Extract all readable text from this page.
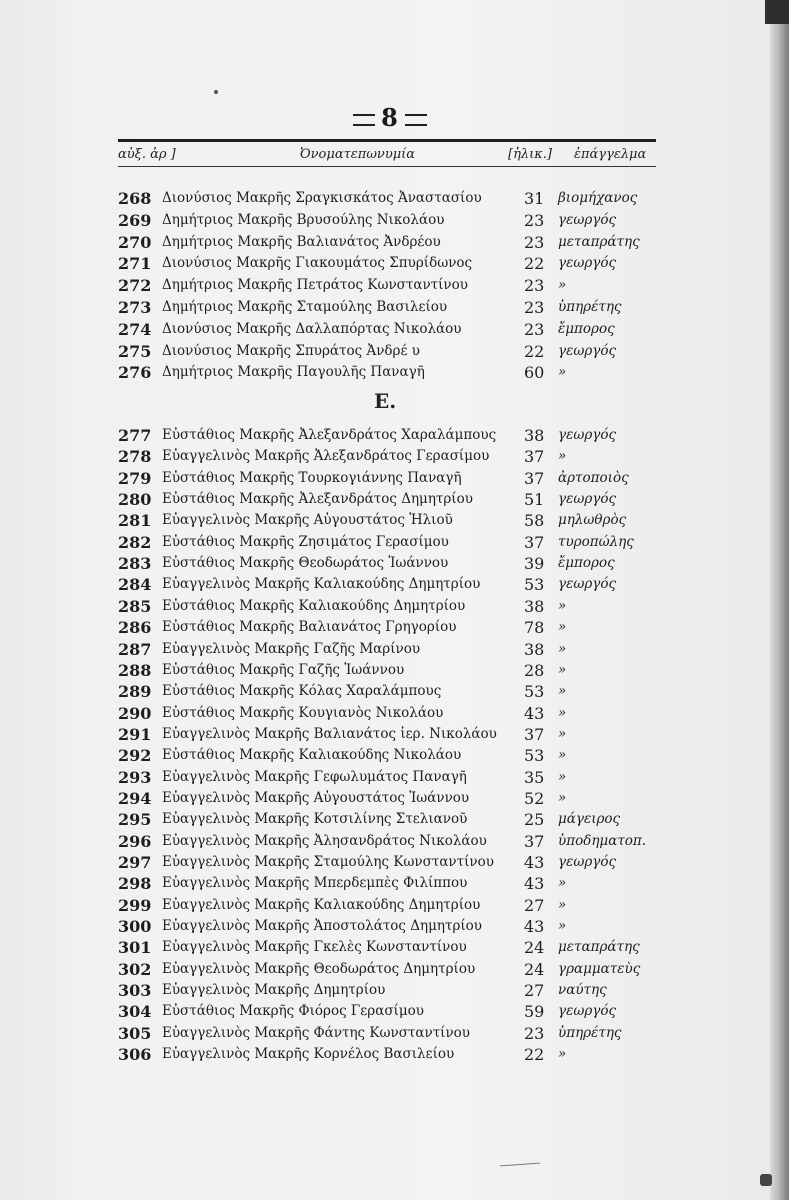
8
αὐξ. ἀρ ]	Ὀνοματεπωνυμία	[ἡλικ.] ἐπάγγελμα
268 Διονύσιος Μακρῆς Σραγκισκάτος Ἀναστασίου	31	βιομήχανος
269 Δημήτριος Μακρῆς Βρυσούλης Νικολάου	23	γεωργός
270 Δημήτριος Μακρῆς Βαλιανάτος Ἀνδρέου	23	μεταπράτης
271 Διονύσιος Μακρῆς Γιακουμάτος Σπυρίδωνος	22	γεωργός
272 Δημήτριος Μακρῆς Πετράτος Κωνσταντίνου	23	»
273 Δημήτριος Μακρῆς Σταμούλης Βασιλείου	23	ὑπηρέτης
274 Διονύσιος Μακρῆς Δαλλαπόρτας Νικολάου	23	ἔμπορος
275 Διονύσιος Μακρῆς Σπυράτος Ἀνδρέ υ	22	γεωργός
276 Δημήτριος Μακρῆς Παγουλῆς Παναγῆ	60	»
Ε.
277 Εὐστάθιος Μακρῆς Ἀλεξανδράτος Χαραλάμπους	38	γεωργός
278 Εὐαγγελινὸς Μακρῆς Ἀλεξανδράτος Γερασίμου	37	»
279 Εὐστάθιος Μακρῆς Τουρκογιάννης Παναγῆ	37	ἀρτοποιὸς
280 Εὐστάθιος Μακρῆς Ἀλεξανδράτος Δημητρίου	51	γεωργός
281 Εὐαγγελινὸς Μακρῆς Αὐγουστάτος Ἡλιοῦ	58	μηλωθρὸς
282 Εὐστάθιος Μακρῆς Ζησιμάτος Γερασίμου	37	τυροπώλης
283 Εὐστάθιος Μακρῆς Θεοδωράτος Ἰωάννου	39	ἔμπορος
284 Εὐαγγελινὸς Μακρῆς Καλιακούδης Δημητρίου	53	γεωργός
285 Εὐστάθιος Μακρῆς Καλιακούδης Δημητρίου	38	»
286 Εὐστάθιος Μακρῆς Βαλιανάτος Γρηγορίου	78	»
287 Εὐαγγελινὸς Μακρῆς Γαζῆς Μαρίνου	38	»
288 Εὐστάθιος Μακρῆς Γαζῆς Ἰωάννου	28	»
289 Εὐστάθιος Μακρῆς Κόλας Χαραλάμπους	53	»
290 Εὐστάθιος Μακρῆς Κουγιανὸς Νικολάου	43	»
291 Εὐαγγελινὸς Μακρῆς Βαλιανάτος ἱερ. Νικολάου	37	»
292 Εὐστάθιος Μακρῆς Καλιακούδης Νικολάου	53	»
293 Εὐαγγελινὸς Μακρῆς Γεφωλυμάτος Παναγῆ	35	»
294 Εὐαγγελινὸς Μακρῆς Αὐγουστάτος Ἰωάννου	52	»
295 Εὐαγγελινὸς Μακρῆς Κοτσιλίνης Στελιανοῦ	25	μάγειρος
296 Εὐαγγελινὸς Μακρῆς Ἀλησανδράτος Νικολάου	37	ὑποδηματοπ.
297 Εὐαγγελινὸς Μακρῆς Σταμούλης Κωνσταντίνου	43	γεωργός
298 Εὐαγγελινὸς Μακρῆς Μπερδεμπὲς Φιλίππου	43	»
299 Εὐαγγελινὸς Μακρῆς Καλιακούδης Δημητρίου	27	»
300 Εὐαγγελινὸς Μακρῆς Ἀποστολάτος Δημητρίου	43	»
301 Εὐαγγελινὸς Μακρῆς Γκελὲς Κωνσταντίνου	24	μεταπράτης
302 Εὐαγγελινὸς Μακρῆς Θεοδωράτος Δημητρίου	24	γραμματεὺς
303 Εὐαγγελινὸς Μακρῆς Δημητρίου	27	ναύτης
304 Εὐστάθιος Μακρῆς Φιόρος Γερασίμου	59	γεωργός
305 Εὐαγγελινὸς Μακρῆς Φάντης Κωνσταντίνου	23	ὑπηρέτης
306 Εὐαγγελινὸς Μακρῆς Κορνέλος Βασιλείου	22	»
